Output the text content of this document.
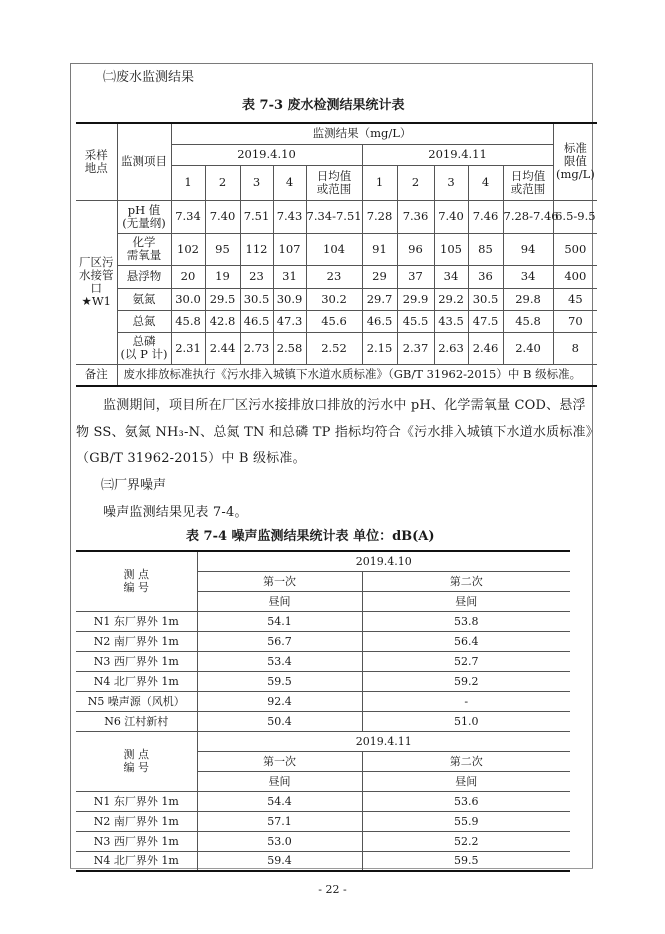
㈡废水监测结果
表 7-3 废水检测结果统计表
采样
地点	监测项目	监测结果（mg/L）										标准
限值
(mg/L)
		2019.4.10					2019.4.11					
		1	2	3	4	日均值
或范围	1	2	3	4	日均值
或范围	
厂区污
水接管
口
★W1	pH 值
(无量纲)	7.34	7.40	7.51	7.43	7.34-7.51	7.28	7.36	7.40	7.46	7.28-7.46	6.5-9.5
	化学
需氧量	102	95	112	107	104	91	96	105	85	94	500
	悬浮物	20	19	23	31	23	29	37	34	36	34	400
	氨氮	30.0	29.5	30.5	30.9	30.2	29.7	29.9	29.2	30.5	29.8	45
	总氮	45.8	42.8	46.5	47.3	45.6	46.5	45.5	43.5	47.5	45.8	70
	总磷
(以 P 计)	2.31	2.44	2.73	2.58	2.52	2.15	2.37	2.63	2.46	2.40	8
备注	废水排放标准执行《污水排入城镇下水道水质标准》（GB/T 31962-2015）中 B 级标准。											
监测期间，项目所在厂区污水接排放口排放的污水中 pH、化学需氧量 COD、悬浮
物 SS、氨氮 NH₃-N、总氮 TN 和总磷 TP 指标均符合《污水排入城镇下水道水质标准》
（GB/T 31962-2015）中 B 级标准。
㈢厂界噪声
噪声监测结果见表 7-4。
表 7-4 噪声监测结果统计表 单位：dB(A)
测 点
编 号	2019.4.10	
	第一次	第二次
	昼间	昼间
N1 东厂界外 1m	54.1	53.8
N2 南厂界外 1m	56.7	56.4
N3 西厂界外 1m	53.4	52.7
N4 北厂界外 1m	59.5	59.2
N5 噪声源（风机）	92.4	-
N6 江村新村	50.4	51.0
测 点
编 号	2019.4.11	
	第一次	第二次
	昼间	昼间
N1 东厂界外 1m	54.4	53.6
N2 南厂界外 1m	57.1	55.9
N3 西厂界外 1m	53.0	52.2
N4 北厂界外 1m	59.4	59.5
- 22 -
